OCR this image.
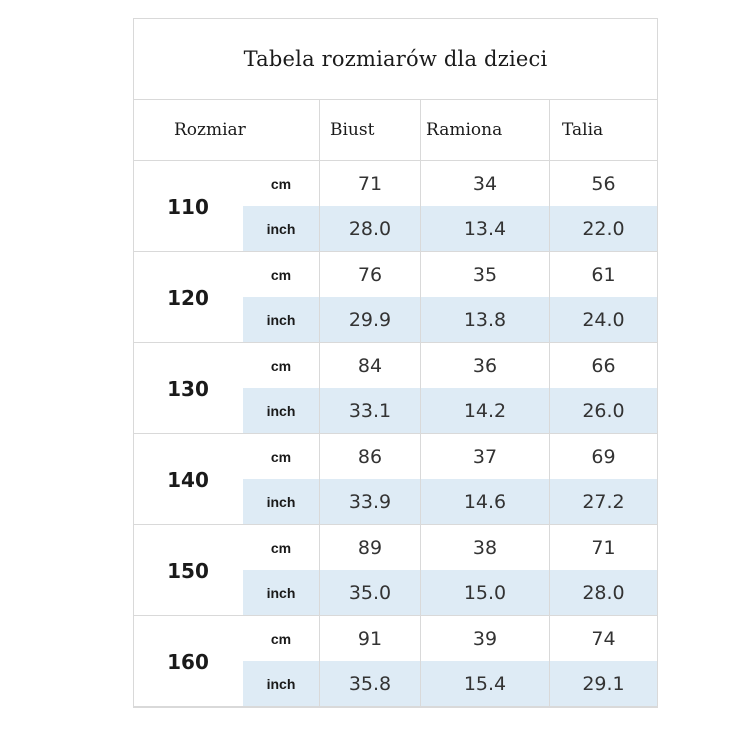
Tabela rozmiarów dla dzieci
Rozmiar	Biust	Ramiona	Talia
110
cm	71	34	56
inch	28.0	13.4	22.0
120
cm	76	35	61
inch	29.9	13.8	24.0
130
cm	84	36	66
inch	33.1	14.2	26.0
140
cm	86	37	69
inch	33.9	14.6	27.2
150
cm	89	38	71
inch	35.0	15.0	28.0
160
cm	91	39	74
inch	35.8	15.4	29.1
